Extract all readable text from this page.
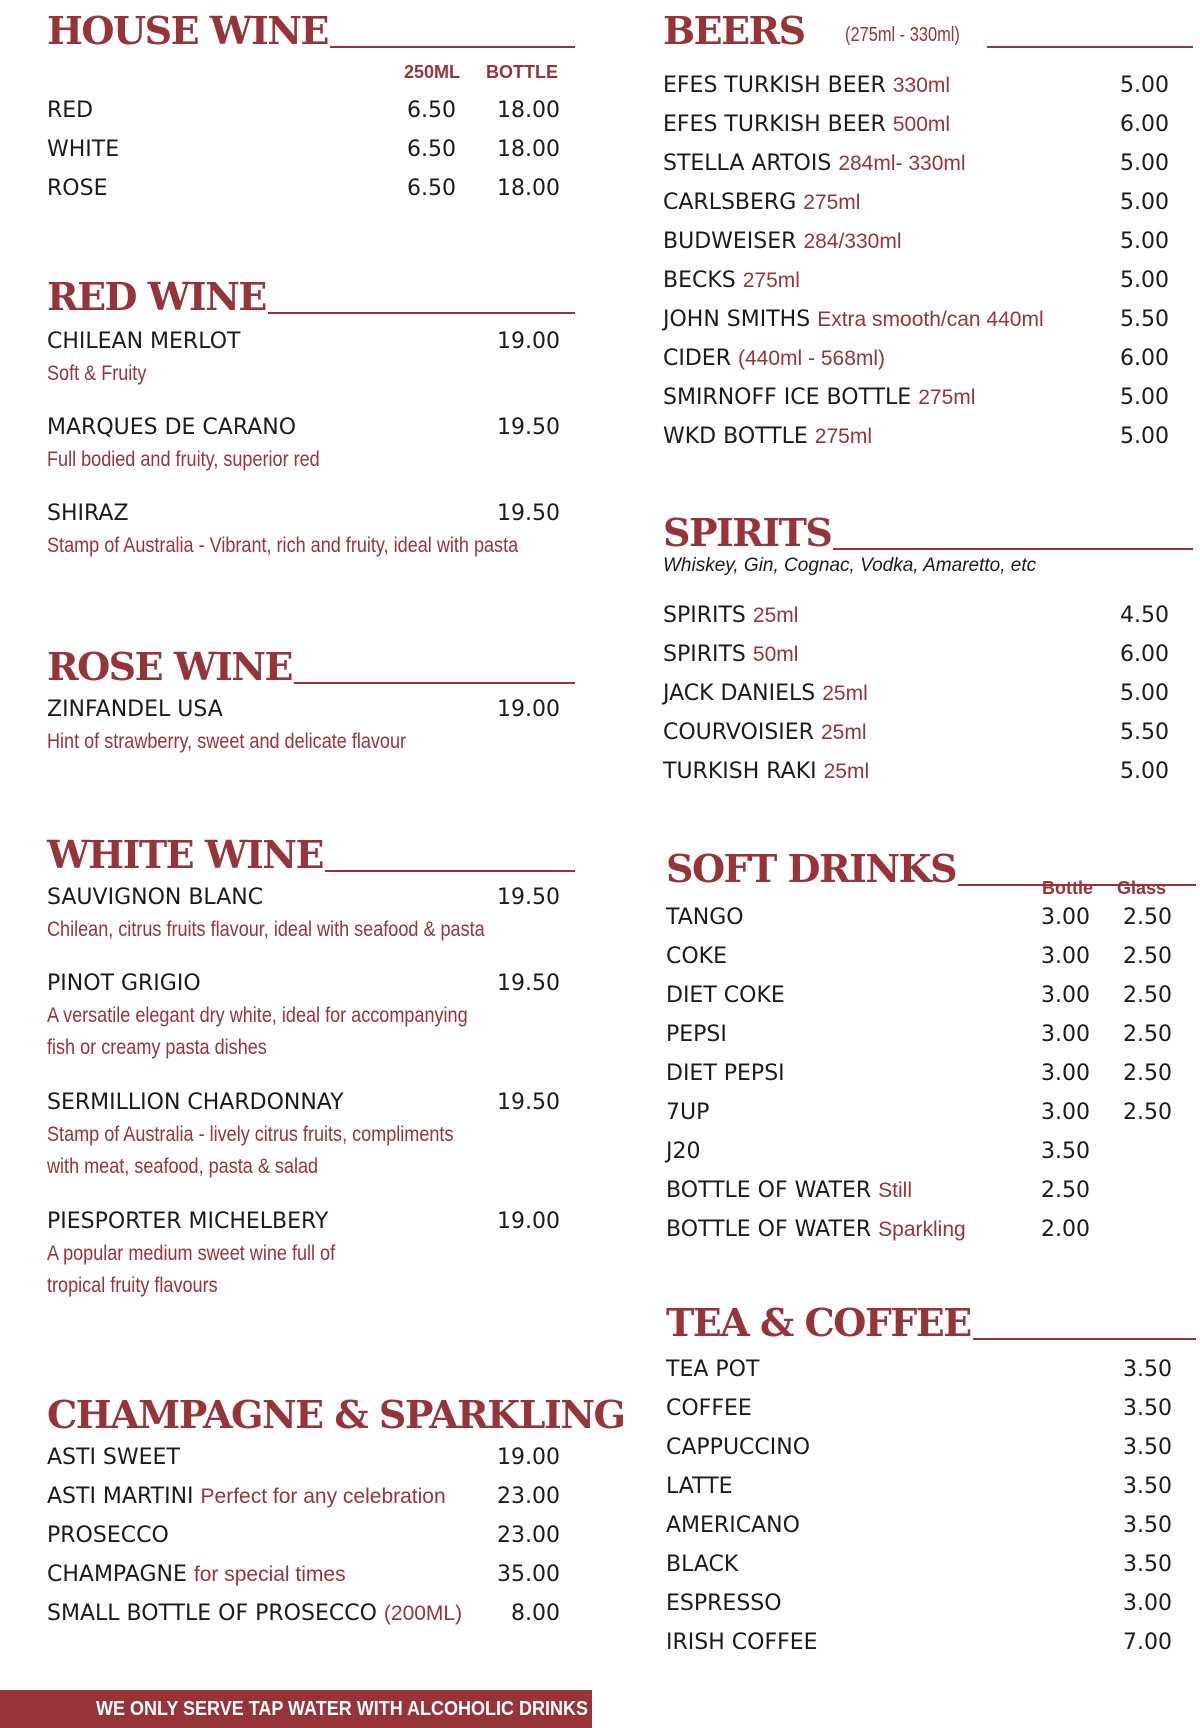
HOUSE WINE
250ML BOTTLE
RED	6.50 18.00
WHITE	6.50 18.00
ROSE	6.50 18.00
RED WINE
CHILEAN MERLOT	19.00
Soft & Fruity
MARQUES DE CARANO	19.50
Full bodied and fruity, superior red
SHIRAZ	19.50
Stamp of Australia - Vibrant, rich and fruity, ideal with pasta
ROSE WINE
ZINFANDEL USA	19.00
Hint of strawberry, sweet and delicate flavour
WHITE WINE
SAUVIGNON BLANC	19.50
Chilean, citrus fruits flavour, ideal with seafood & pasta
PINOT GRIGIO	19.50
A versatile elegant dry white, ideal for accompanying
fish or creamy pasta dishes
SERMILLION CHARDONNAY	19.50
Stamp of Australia - lively citrus fruits, compliments
with meat, seafood, pasta & salad
PIESPORTER MICHELBERY	19.00
A popular medium sweet wine full of
tropical fruity flavours
CHAMPAGNE & SPARKLING
ASTI SWEET	19.00
ASTI MARTINI Perfect for any celebration 23.00
PROSECCO	23.00
CHAMPAGNE for special times	35.00
SMALL BOTTLE OF PROSECCO (200ML) 8.00
BEERS (275ml - 330ml)
EFES TURKISH BEER 330ml	5.00
EFES TURKISH BEER 500ml	6.00
STELLA ARTOIS 284ml- 330ml	5.00
CARLSBERG 275ml	5.00
BUDWEISER 284/330ml	5.00
BECKS 275ml	5.00
JOHN SMITHS Extra smooth/can 440ml	5.50
CIDER (440ml - 568ml)	6.00
SMIRNOFF ICE BOTTLE 275ml	5.00
WKD BOTTLE 275ml	5.00
SPIRITS
Whiskey, Gin, Cognac, Vodka, Amaretto, etc
SPIRITS 25ml	4.50
SPIRITS 50ml	6.00
JACK DANIELS 25ml	5.00
COURVOISIER 25ml	5.50
TURKISH RAKI 25ml	5.00
SOFT DRINKS	Bottle Glass
TANGO	3.00 2.50
COKE	3.00 2.50
DIET COKE	3.00 2.50
PEPSI	3.00 2.50
DIET PEPSI	3.00 2.50
7UP	3.00 2.50
J20	3.50
BOTTLE OF WATER Still	2.50
BOTTLE OF WATER Sparkling	2.00
TEA & COFFEE
TEA POT	3.50
COFFEE	3.50
CAPPUCCINO	3.50
LATTE	3.50
AMERICANO	3.50
BLACK	3.50
ESPRESSO	3.00
IRISH COFFEE	7.00
WE ONLY SERVE TAP WATER WITH ALCOHOLIC DRINKS
